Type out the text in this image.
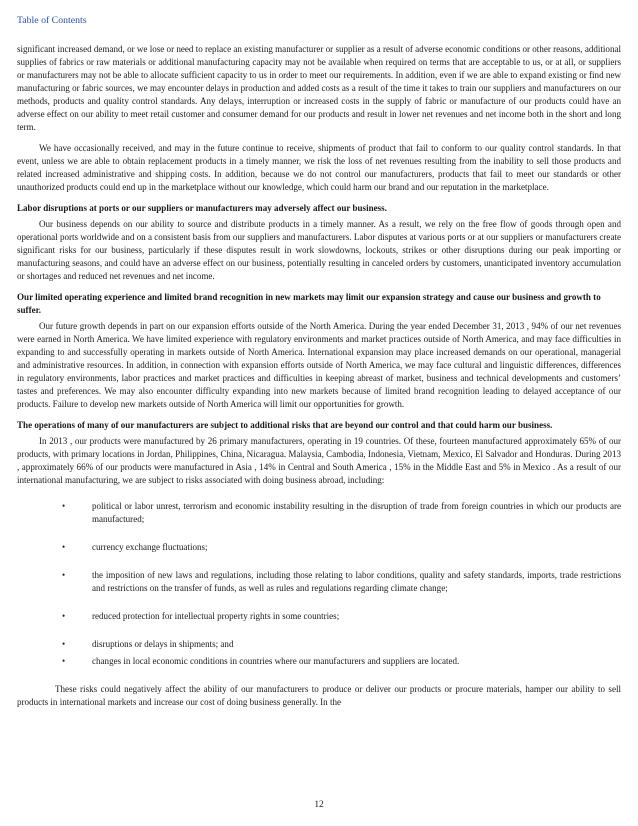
Table of Contents

significant increased demand, or we lose or need to replace an existing manufacturer or supplier as a result of adverse economic conditions or other reasons, additional supplies of fabrics or raw materials or additional manufacturing capacity may not be available when required on terms that are acceptable to us, or at all, or suppliers or manufacturers may not be able to allocate sufficient capacity to us in order to meet our requirements. In addition, even if we are able to expand existing or find new manufacturing or fabric sources, we may encounter delays in production and added costs as a result of the time it takes to train our suppliers and manufacturers on our methods, products and quality control standards. Any delays, interruption or increased costs in the supply of fabric or manufacture of our products could have an adverse effect on our ability to meet retail customer and consumer demand for our products and result in lower net revenues and net income both in the short and long term.

We have occasionally received, and may in the future continue to receive, shipments of product that fail to conform to our quality control standards. In that event, unless we are able to obtain replacement products in a timely manner, we risk the loss of net revenues resulting from the inability to sell those products and related increased administrative and shipping costs. In addition, because we do not control our manufacturers, products that fail to meet our standards or other unauthorized products could end up in the marketplace without our knowledge, which could harm our brand and our reputation in the marketplace.

Labor disruptions at ports or our suppliers or manufacturers may adversely affect our business.

Our business depends on our ability to source and distribute products in a timely manner. As a result, we rely on the free flow of goods through open and operational ports worldwide and on a consistent basis from our suppliers and manufacturers. Labor disputes at various ports or at our suppliers or manufacturers create significant risks for our business, particularly if these disputes result in work slowdowns, lockouts, strikes or other disruptions during our peak importing or manufacturing seasons, and could have an adverse effect on our business, potentially resulting in canceled orders by customers, unanticipated inventory accumulation or shortages and reduced net revenues and net income.

Our limited operating experience and limited brand recognition in new markets may limit our expansion strategy and cause our business and growth to suffer.

Our future growth depends in part on our expansion efforts outside of the North America. During the year ended December 31, 2013 , 94% of our net revenues were earned in North America. We have limited experience with regulatory environments and market practices outside of North America, and may face difficulties in expanding to and successfully operating in markets outside of North America. International expansion may place increased demands on our operational, managerial and administrative resources. In addition, in connection with expansion efforts outside of North America, we may face cultural and linguistic differences, differences in regulatory environments, labor practices and market practices and difficulties in keeping abreast of market, business and technical developments and customers’ tastes and preferences. We may also encounter difficulty expanding into new markets because of limited brand recognition leading to delayed acceptance of our products. Failure to develop new markets outside of North America will limit our opportunities for growth.

The operations of many of our manufacturers are subject to additional risks that are beyond our control and that could harm our business.

In 2013 , our products were manufactured by 26 primary manufacturers, operating in 19 countries. Of these, fourteen manufactured approximately 65% of our products, with primary locations in Jordan, Philippines, China, Nicaragua. Malaysia, Cambodia, Indonesia, Vietnam, Mexico, El Salvador and Honduras. During 2013 , approximately 66% of our products were manufactured in Asia , 14% in Central and South America , 15% in the Middle East and 5% in Mexico . As a result of our international manufacturing, we are subject to risks associated with doing business abroad, including:

•	political or labor unrest, terrorism and economic instability resulting in the disruption of trade from foreign countries in which our products are manufactured;
•	currency exchange fluctuations;
•	the imposition of new laws and regulations, including those relating to labor conditions, quality and safety standards, imports, trade restrictions and restrictions on the transfer of funds, as well as rules and regulations regarding climate change;
•	reduced protection for intellectual property rights in some countries;
•	disruptions or delays in shipments; and
•	changes in local economic conditions in countries where our manufacturers and suppliers are located.

These risks could negatively affect the ability of our manufacturers to produce or deliver our products or procure materials, hamper our ability to sell products in international markets and increase our cost of doing business generally. In the

12
